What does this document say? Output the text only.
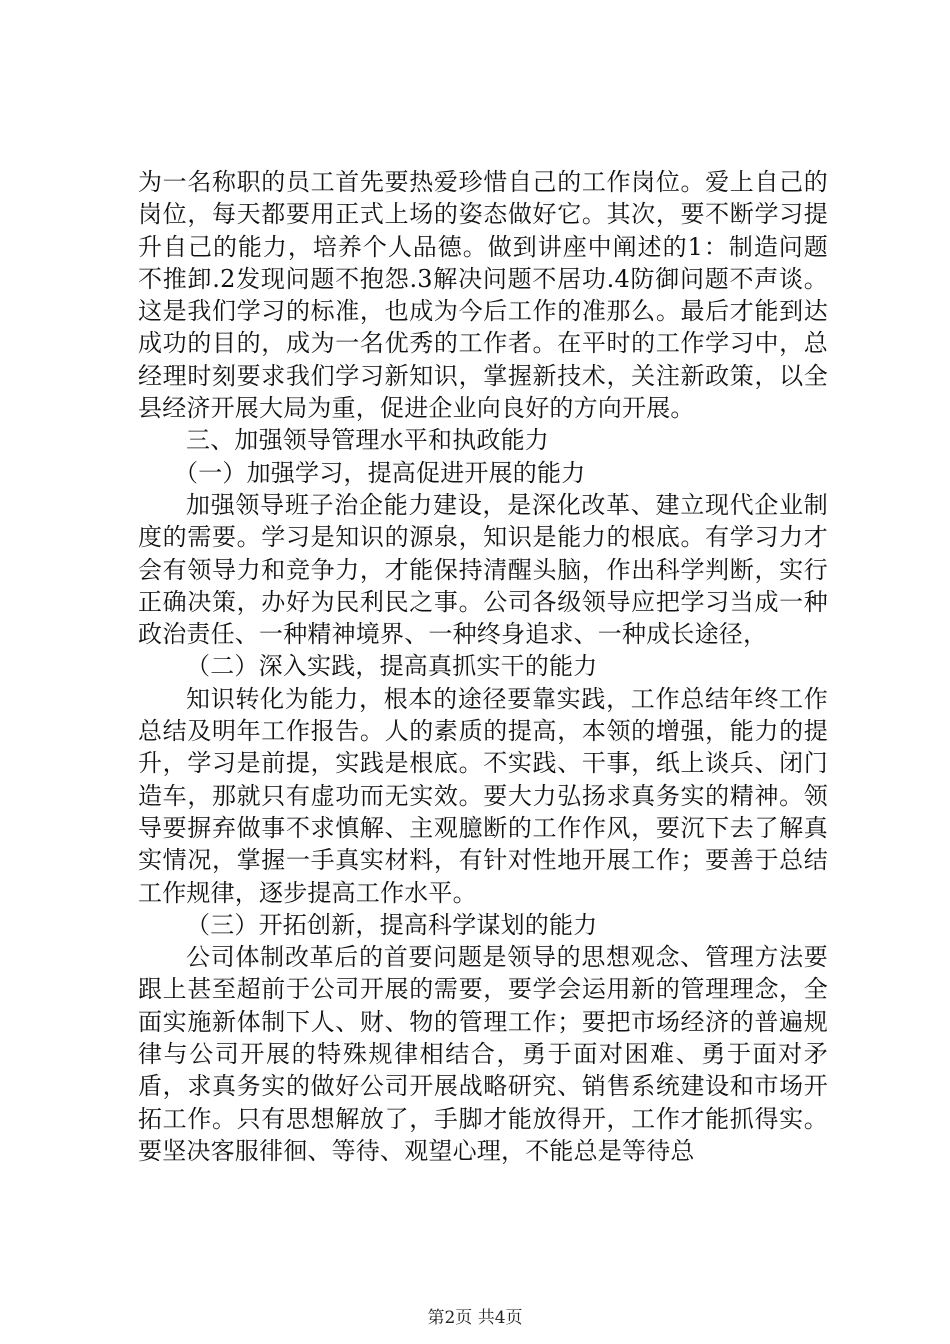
为一名称职的员工首先要热爱珍惜自己的工作岗位。爱上自己的岗位，每天都要用正式上场的姿态做好它。其次，要不断学习提升自己的能力，培养个人品德。做到讲座中阐述的1：制造问题不推卸.2发现问题不抱怨.3解决问题不居功.4防御问题不声谈。这是我们学习的标准，也成为今后工作的准那么。最后才能到达成功的目的，成为一名优秀的工作者。在平时的工作学习中，总经理时刻要求我们学习新知识，掌握新技术，关注新政策，以全县经济开展大局为重，促进企业向良好的方向开展。

三、加强领导管理水平和执政能力

（一）加强学习，提高促进开展的能力

加强领导班子治企能力建设，是深化改革、建立现代企业制度的需要。学习是知识的源泉，知识是能力的根底。有学习力才会有领导力和竞争力，才能保持清醒头脑，作出科学判断，实行正确决策，办好为民利民之事。公司各级领导应把学习当成一种政治责任、一种精神境界、一种终身追求、一种成长途径，

（二）深入实践，提高真抓实干的能力

知识转化为能力，根本的途径要靠实践，工作总结年终工作总结及明年工作报告。人的素质的提高，本领的增强，能力的提升，学习是前提，实践是根底。不实践、干事，纸上谈兵、闭门造车，那就只有虚功而无实效。要大力弘扬求真务实的精神。领导要摒弃做事不求慎解、主观臆断的工作作风，要沉下去了解真实情况，掌握一手真实材料，有针对性地开展工作；要善于总结工作规律，逐步提高工作水平。

（三）开拓创新，提高科学谋划的能力

公司体制改革后的首要问题是领导的思想观念、管理方法要跟上甚至超前于公司开展的需要，要学会运用新的管理理念，全面实施新体制下人、财、物的管理工作；要把市场经济的普遍规律与公司开展的特殊规律相结合，勇于面对困难、勇于面对矛盾，求真务实的做好公司开展战略研究、销售系统建设和市场开拓工作。只有思想解放了，手脚才能放得开，工作才能抓得实。要坚决客服徘徊、等待、观望心理，不能总是等待总

第2页 共4页
